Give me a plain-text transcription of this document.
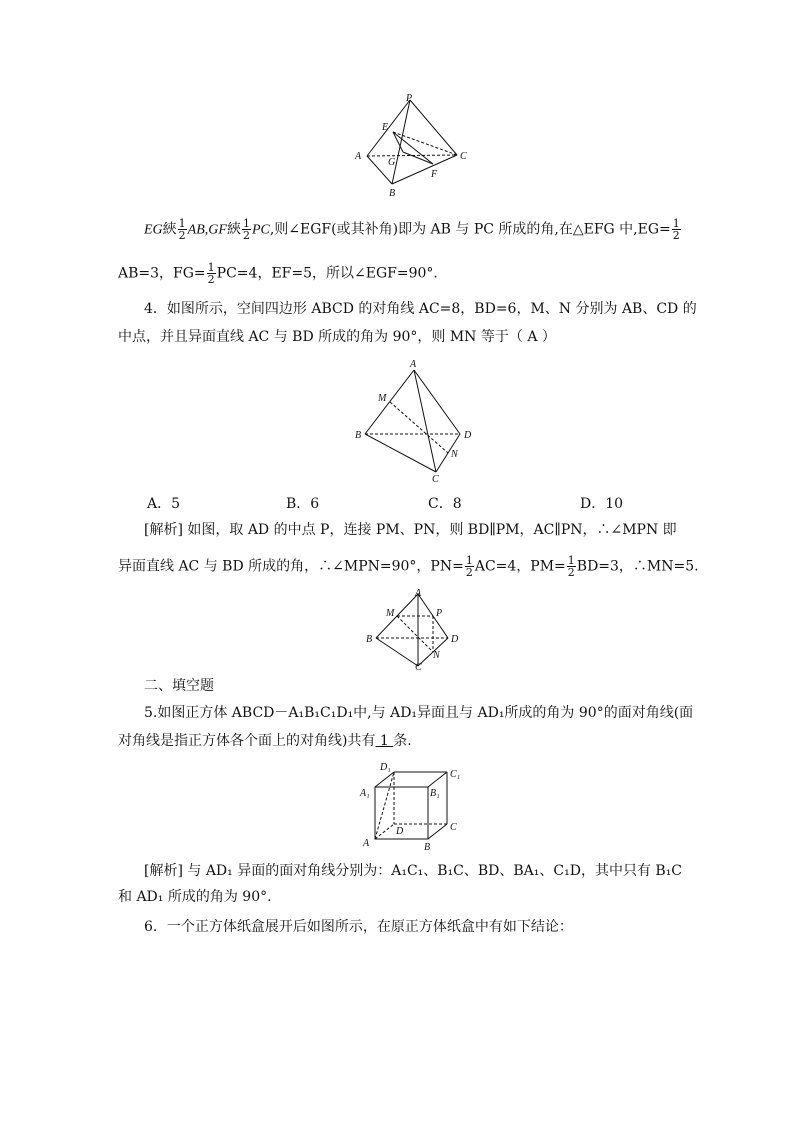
P
E
A
G
C
F
B
EG綊 $\frac{1}{2} AB,GF$綊 $\frac{1}{2}$ PC,则∠EGF(或其补角)即为 AB 与 PC 所成的角,在△EFG 中$,EG= \frac{1}{2}$
AB=3，$FG= \frac{1}{2} PC=4$，EF=5，所以∠EGF=90°.
4．如图所示，空间四边形 ABCD 的对角线 AC=8，BD=6，M、N 分别为 AB、CD 的
中点，并且异面直线 AC 与 BD 所成的角为 90°，则 MN 等于（ A ）
A
M
B	D
N
C
A．5	B．6	C．8	D．10
[解析] 如图，取 AD 的中点 P，连接 PM、PN，则 BD∥PM，AC∥PN，∴∠MPN 即
异面直线 AC 与 BD 所成的角，∴∠MPN=90°，$PN= \frac{1}{2} AC=4$，$PM= \frac{1}{2} BD=3$，∴MN=5.
A
M	P
B	D
N
C
二、填空题
5.如图正方体 ABCD－A₁B₁C₁D₁中,与 AD₁异面且与 AD₁所成的角为 90°的面对角线(面
对角线是指正方体各个面上的对角线)共有 1 条.
D₁
C₁
A₁	B₁
D	C
A	B
[解析] 与 AD₁ 异面的面对角线分别为：A₁C₁、B₁C、BD、BA₁、C₁D，其中只有 B₁C
和 AD₁ 所成的角为 90°.
6．一个正方体纸盒展开后如图所示，在原正方体纸盒中有如下结论：
